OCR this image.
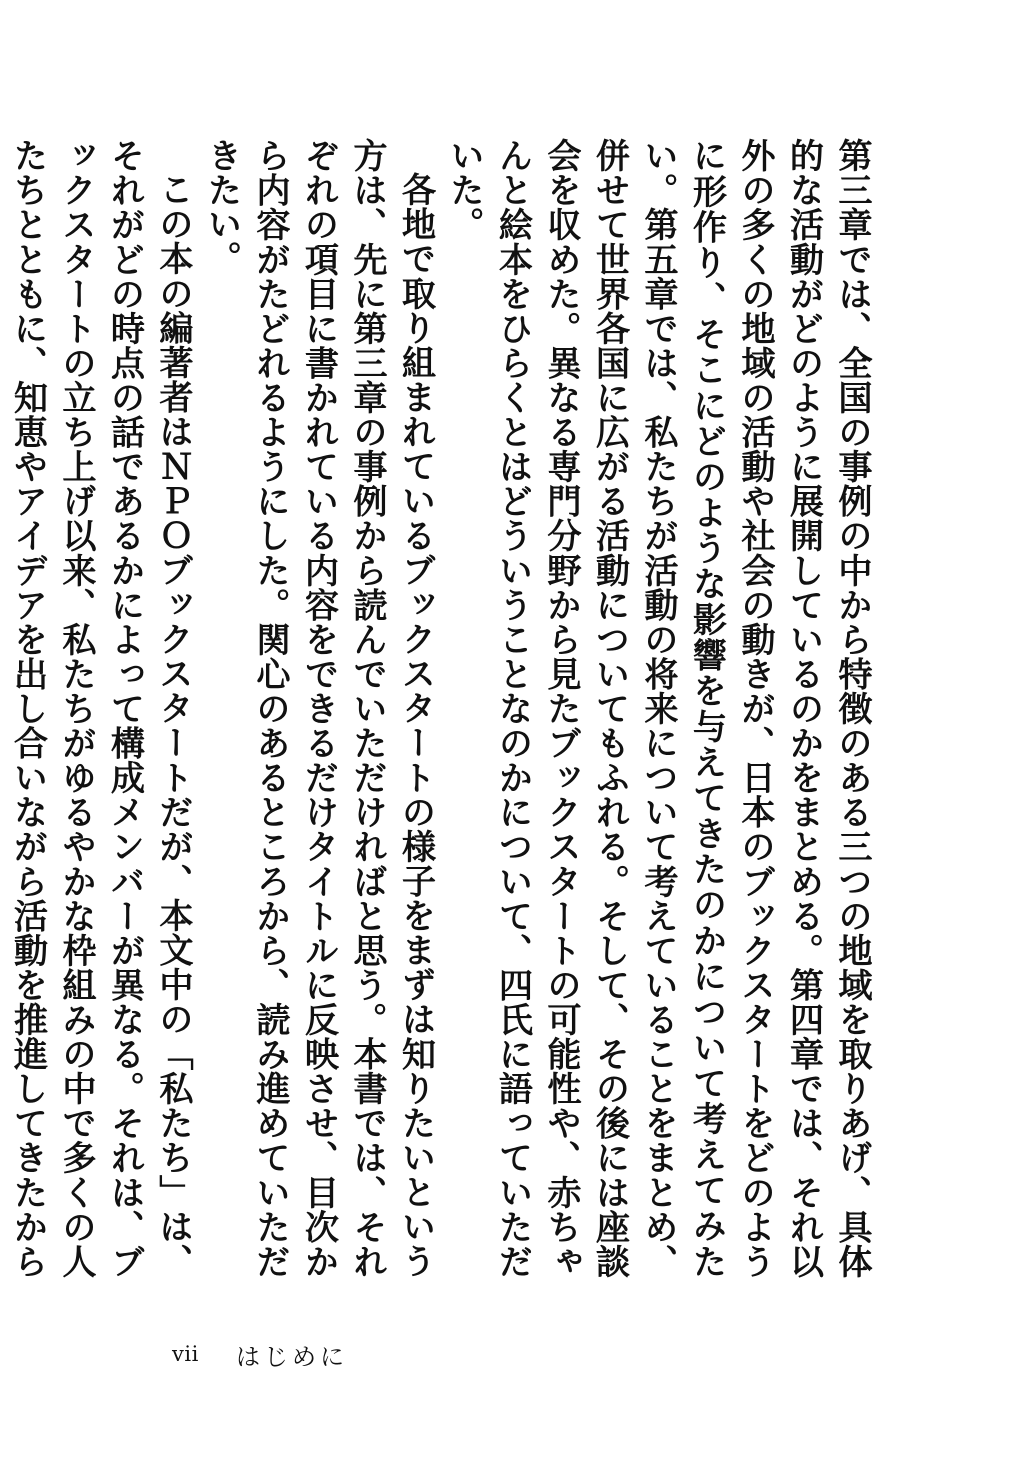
第三章では、全国の事例の中から特徴のある三つの地域を取りあげ、具体的な活動がどのように展開しているのかをまとめる。第四章では、それ以外の多くの地域の活動や社会の動きが、日本のブックスタートをどのように形作り、そこにどのような影響を与えてきたのかについて考えてみたい。第五章では、私たちが活動の将来について考えていることをまとめ、併せて世界各国に広がる活動についてもふれる。そして、その後には座談会を収めた。異なる専門分野から見たブックスタートの可能性や、赤ちゃんと絵本をひらくとはどういうことなのかについて、四氏に語っていただいた。

各地で取り組まれているブックスタートの様子をまずは知りたいという方は、先に第三章の事例から読んでいただければと思う。本書では、それぞれの項目に書かれている内容をできるだけタイトルに反映させ、目次から内容がたどれるようにした。関心のあるところから、読み進めていただきたい。

この本の編著者はＮＰＯブックスタートだが、本文中の「私たち」は、それがどの時点の話であるかによって構成メンバーが異なる。それは、ブックスタートの立ち上げ以来、私たちがゆるやかな枠組みの中で多くの人たちとともに、知恵やアイデアを出し合いながら活動を推進してきたから

vii	はじめに
